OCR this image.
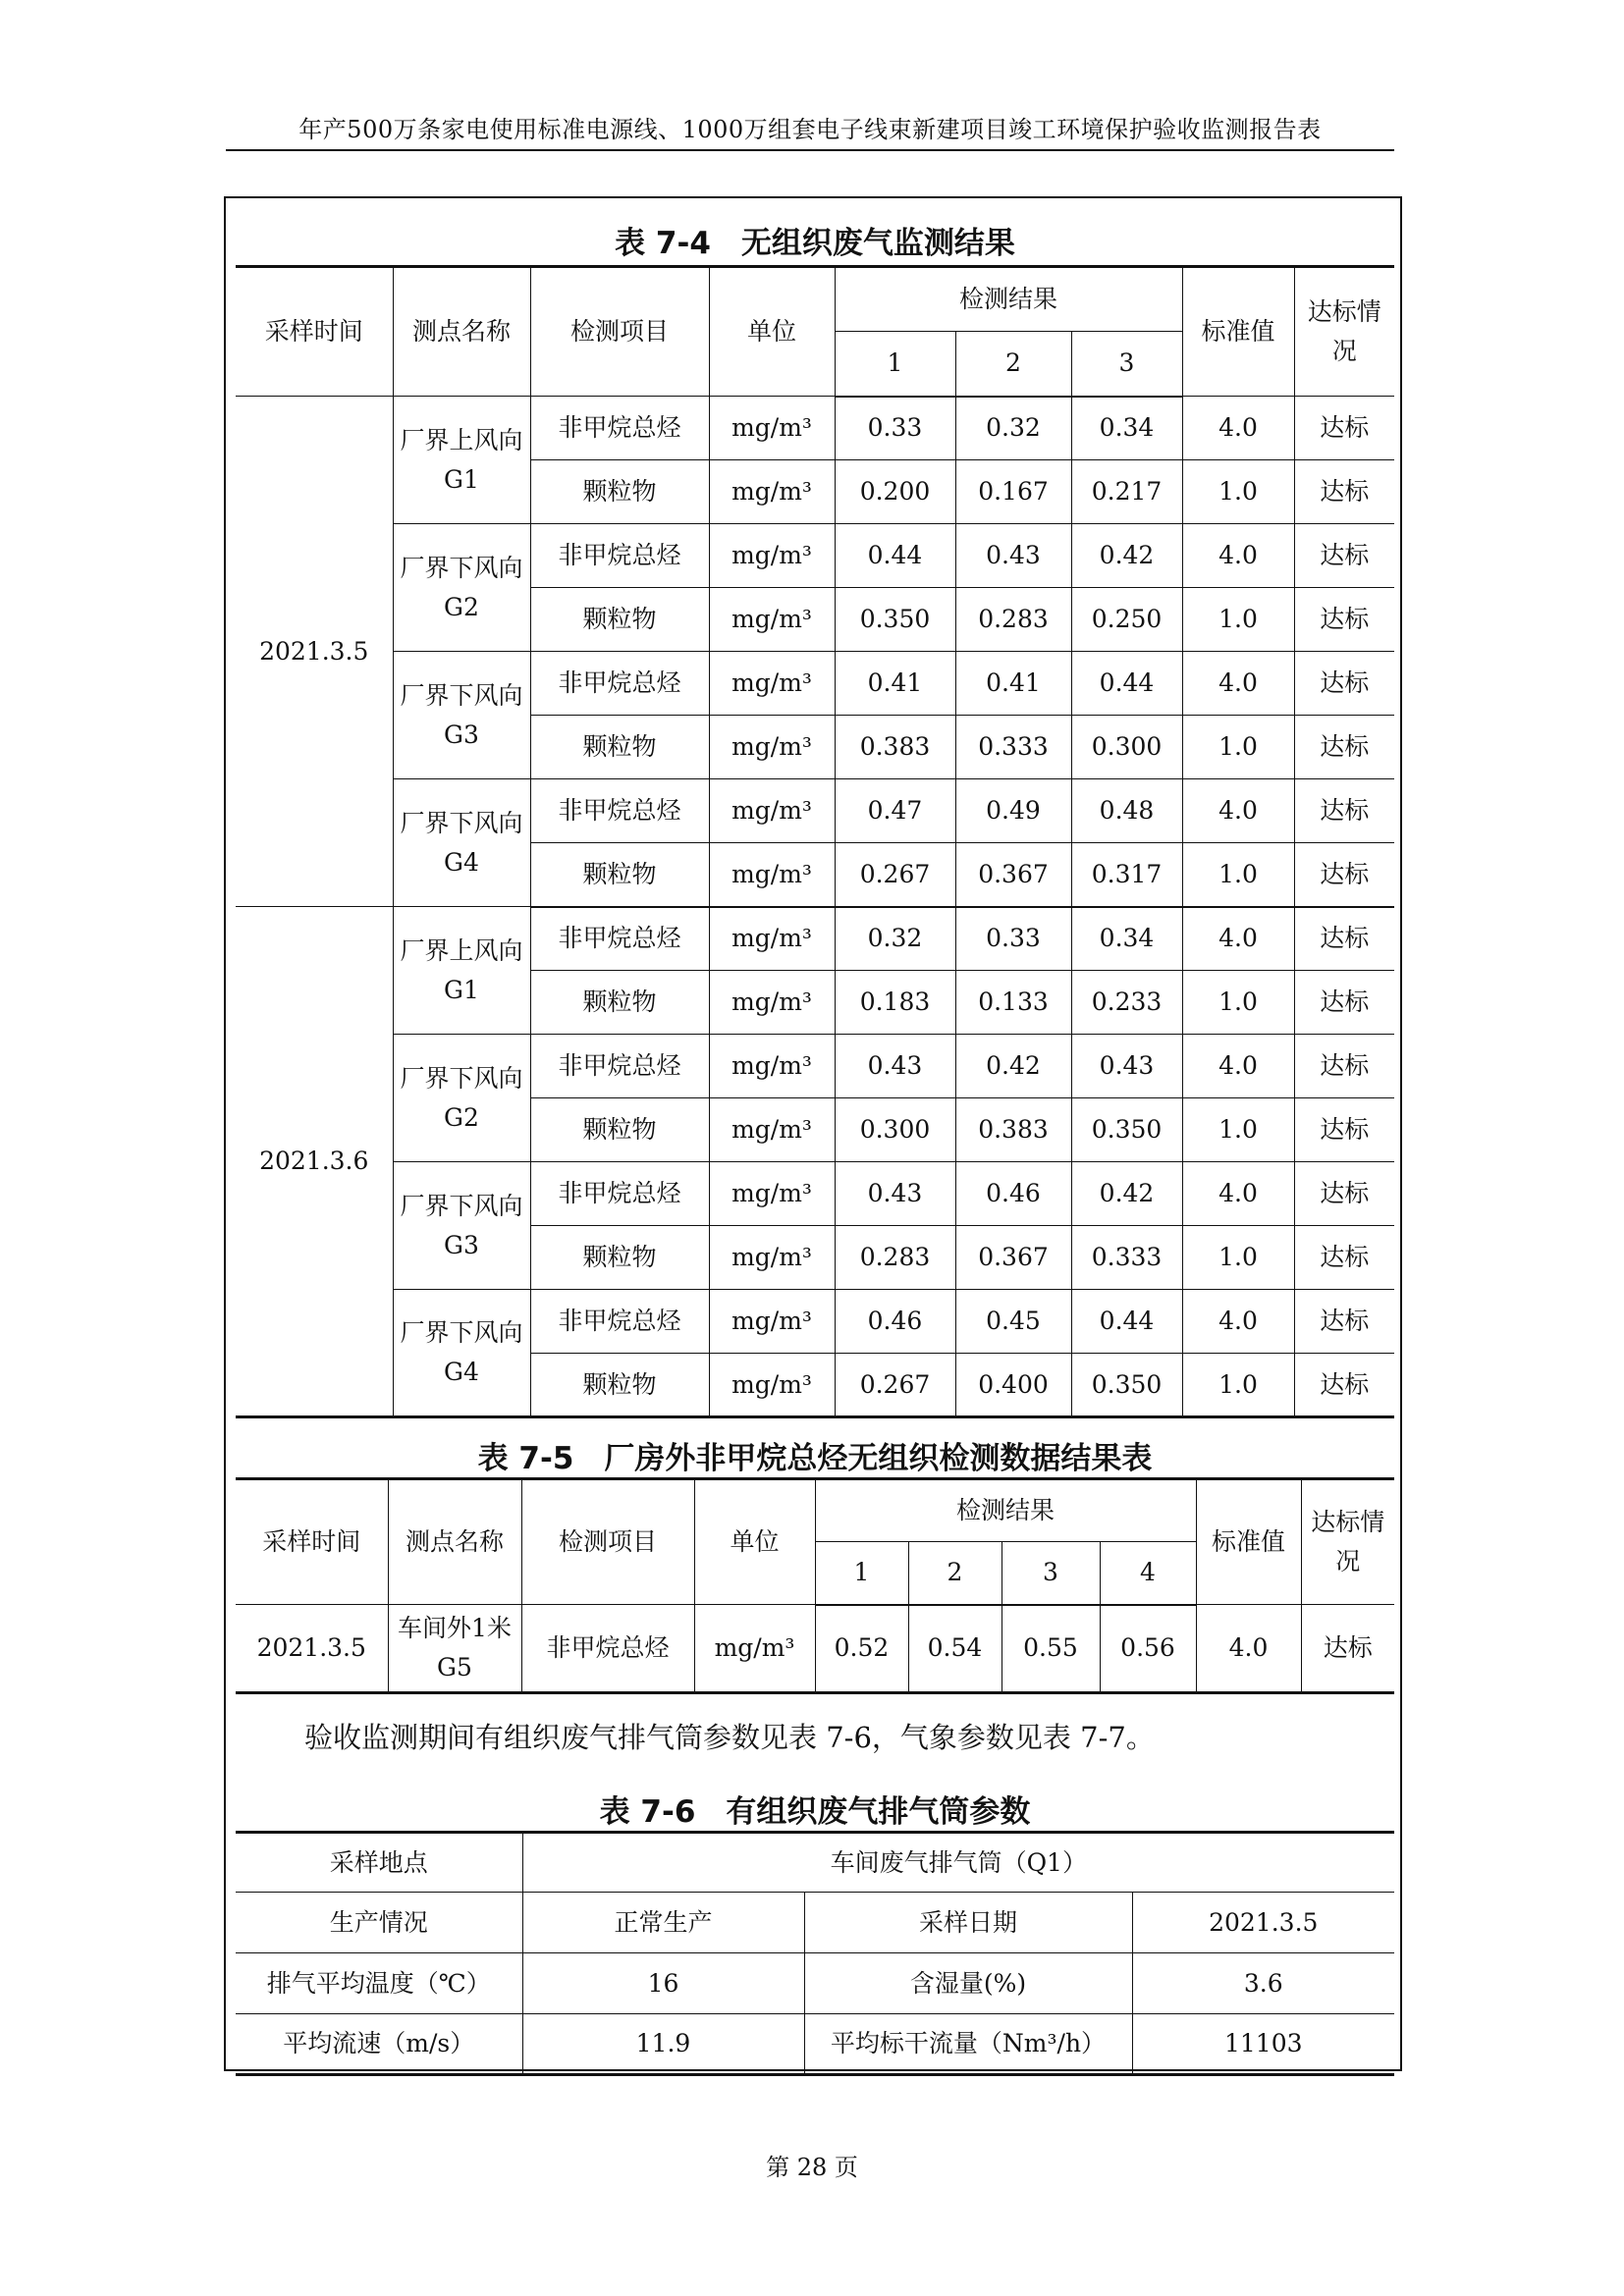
年产500万条家电使用标准电源线、1000万组套电子线束新建项目竣工环境保护验收监测报告表
表 7-4　无组织废气监测结果
采样时间	测点名称	检测项目	单位	检测结果			标准值	达标情况
				1	2	3		
2021.3.5	厂界上风向 G1	非甲烷总烃	mg/m³	0.33	0.32	0.34	4.0	达标
		颗粒物	mg/m³	0.200	0.167	0.217	1.0	达标
	厂界下风向 G2	非甲烷总烃	mg/m³	0.44	0.43	0.42	4.0	达标
		颗粒物	mg/m³	0.350	0.283	0.250	1.0	达标
	厂界下风向 G3	非甲烷总烃	mg/m³	0.41	0.41	0.44	4.0	达标
		颗粒物	mg/m³	0.383	0.333	0.300	1.0	达标
	厂界下风向 G4	非甲烷总烃	mg/m³	0.47	0.49	0.48	4.0	达标
		颗粒物	mg/m³	0.267	0.367	0.317	1.0	达标
2021.3.6	厂界上风向 G1	非甲烷总烃	mg/m³	0.32	0.33	0.34	4.0	达标
		颗粒物	mg/m³	0.183	0.133	0.233	1.0	达标
	厂界下风向 G2	非甲烷总烃	mg/m³	0.43	0.42	0.43	4.0	达标
		颗粒物	mg/m³	0.300	0.383	0.350	1.0	达标
	厂界下风向 G3	非甲烷总烃	mg/m³	0.43	0.46	0.42	4.0	达标
		颗粒物	mg/m³	0.283	0.367	0.333	1.0	达标
	厂界下风向 G4	非甲烷总烃	mg/m³	0.46	0.45	0.44	4.0	达标
		颗粒物	mg/m³	0.267	0.400	0.350	1.0	达标
表 7-5　厂房外非甲烷总烃无组织检测数据结果表
采样时间	测点名称	检测项目	单位	检测结果				标准值	达标情况
				1	2	3	4		
2021.3.5	车间外1米 G5	非甲烷总烃	mg/m³	0.52	0.54	0.55	0.56	4.0	达标
验收监测期间有组织废气排气筒参数见表 7-6，气象参数见表 7-7。
表 7-6　有组织废气排气筒参数
采样地点	车间废气排气筒（Q1）		
生产情况	正常生产	采样日期	2021.3.5
排气平均温度（℃）	16	含湿量(%)	3.6
平均流速（m/s）	11.9	平均标干流量（Nm³/h）	11103
第 28 页
